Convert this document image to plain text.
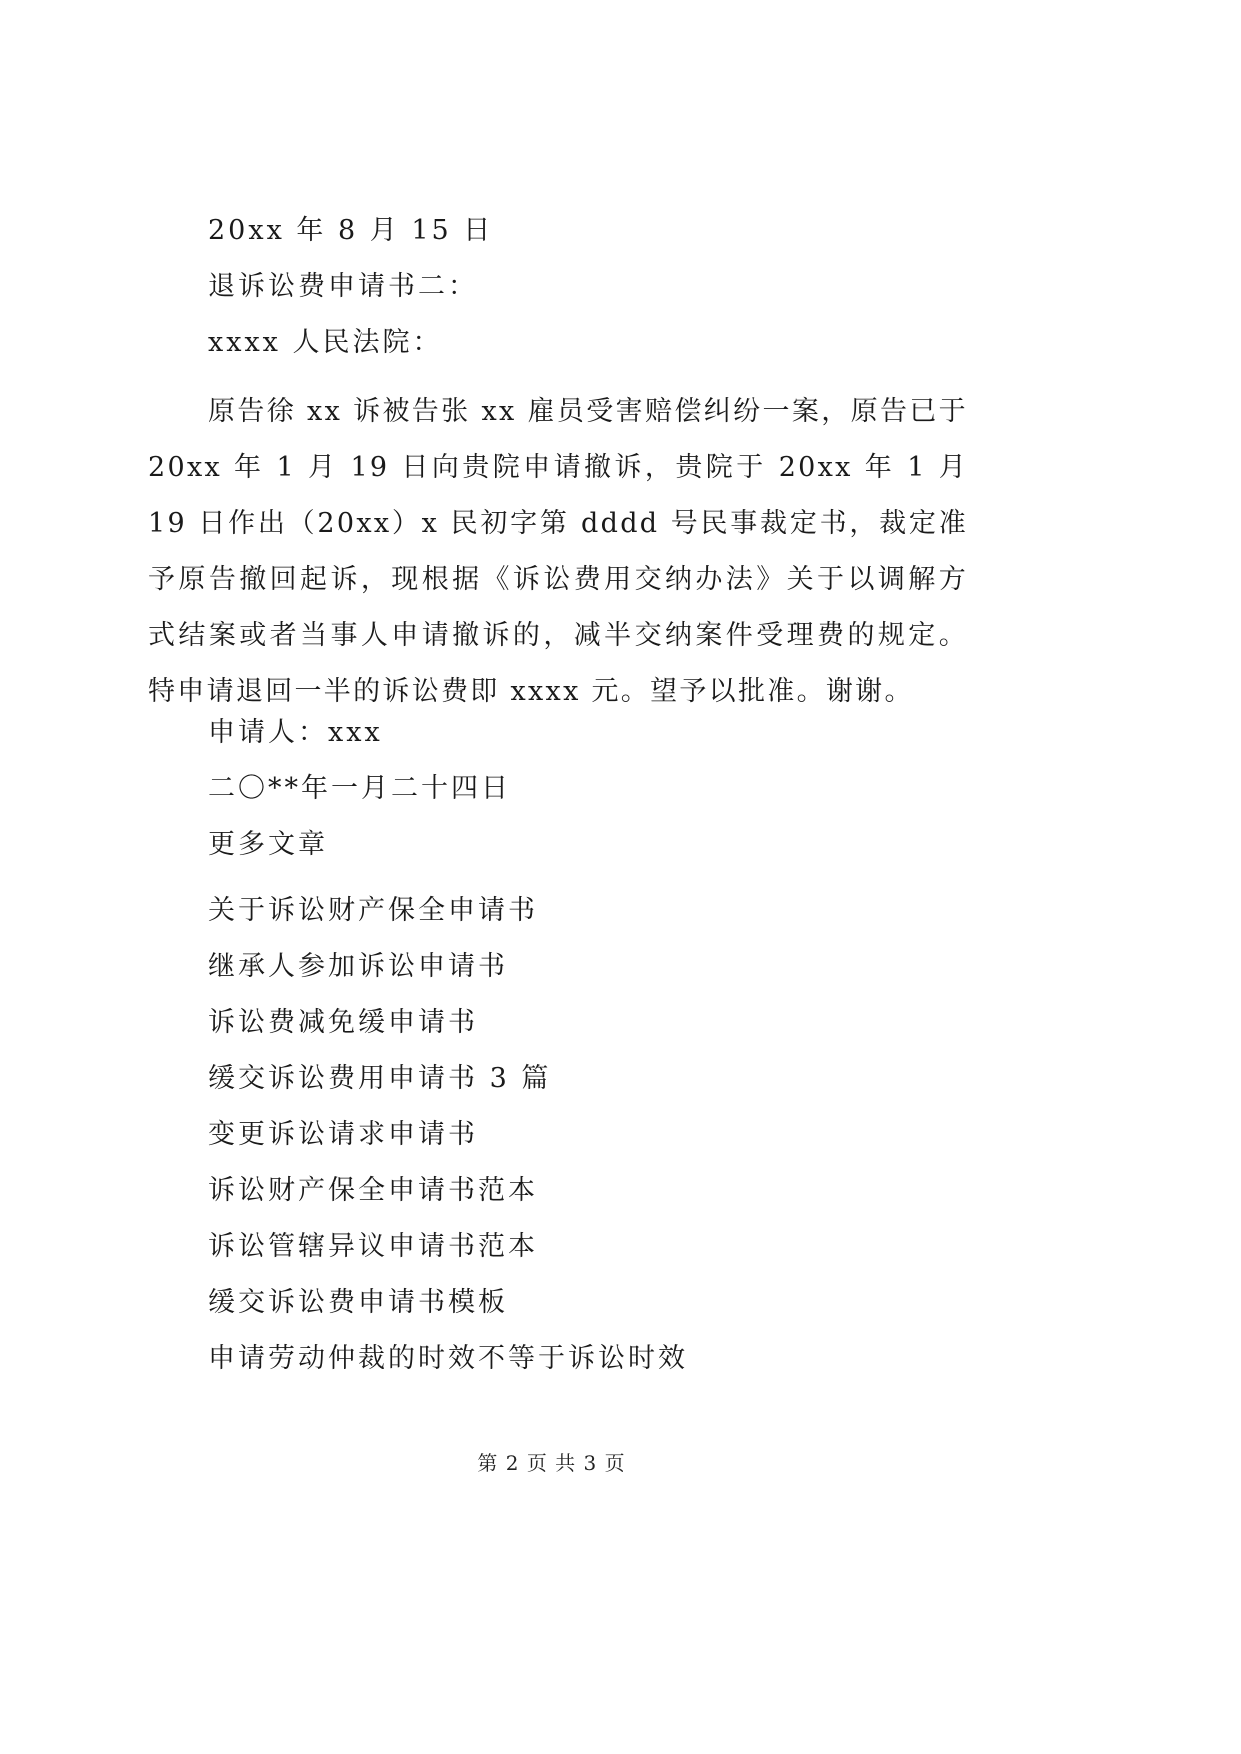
20xx 年 8 月 15 日
退诉讼费申请书二：
xxxx 人民法院：

原告徐 xx 诉被告张 xx 雇员受害赔偿纠纷一案，原告已于 20xx 年 1 月 19 日向贵院申请撤诉，贵院于 20xx 年 1 月 19 日作出（20xx）x 民初字第 dddd 号民事裁定书，裁定准予原告撤回起诉，现根据《诉讼费用交纳办法》关于以调解方式结案或者当事人申请撤诉的，减半交纳案件受理费的规定。特申请退回一半的诉讼费即 xxxx 元。望予以批准。谢谢。

申请人：xxx
二〇**年一月二十四日
更多文章
关于诉讼财产保全申请书
继承人参加诉讼申请书
诉讼费减免缓申请书
缓交诉讼费用申请书 3 篇
变更诉讼请求申请书
诉讼财产保全申请书范本
诉讼管辖异议申请书范本
缓交诉讼费申请书模板
申请劳动仲裁的时效不等于诉讼时效
第 2 页 共 3 页
